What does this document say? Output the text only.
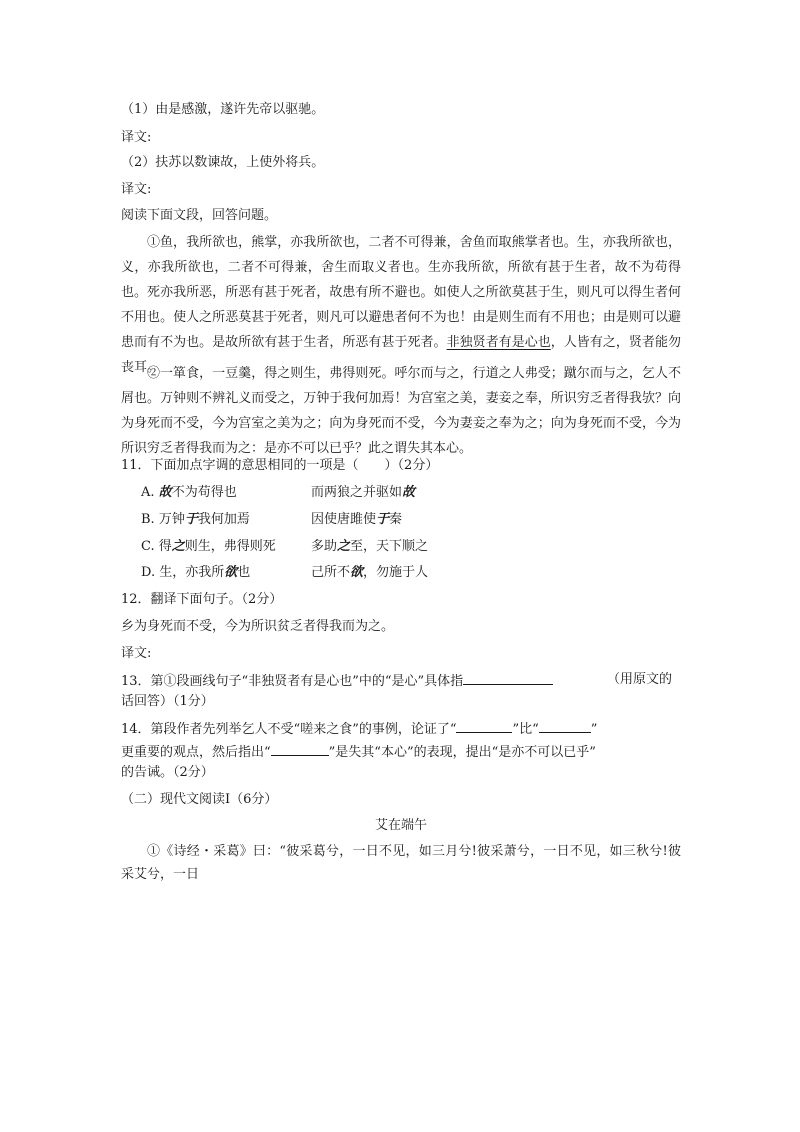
（1）由是感激，遂许先帝以驱驰。
译文:
（2）扶苏以数谏故，上使外将兵。
译文:
阅读下面文段，回答问题。
①鱼，我所欲也，熊掌，亦我所欲也，二者不可得兼，舍鱼而取熊掌者也。生，亦我所欲也，义，亦我所欲也，二者不可得兼，舍生而取义者也。生亦我所欲，所欲有甚于生者，故不为苟得也。死亦我所恶，所恶有甚于死者，故患有所不避也。如使人之所欲莫甚于生，则凡可以得生者何不用也。使人之所恶莫甚于死者，则凡可以避患者何不为也！由是则生而有不用也；由是则可以避患而有不为也。是故所欲有甚于生者，所恶有甚于死者。非独贤者有是心也，人皆有之，贤者能勿丧耳。
②一箪食，一豆羹，得之则生，弗得则死。呼尔而与之，行道之人弗受；蹴尔而与之，乞人不屑也。万钟则不辨礼义而受之，万钟于我何加焉！为宫室之美，妻妾之奉，所识穷乏者得我欤？向为身死而不受，今为宫室之美为之；向为身死而不受，今为妻妾之奉为之；向为身死而不受，今为所识穷乏者得我而为之：是亦不可以已乎？此之谓失其本心。
11．下面加点字调的意思相同的一项是（　　）（2分）
A. 故不为苟得也	而两狼之并驱如故
B. 万钟于我何加焉	因使唐雎使于秦
C. 得之则生，弗得则死	多助之至，天下顺之
D. 生，亦我所欲也	己所不欲，勿施于人
12．翻译下面句子。（2分）
乡为身死而不受，今为所识贫乏者得我而为之。
译文:
13．第①段画线句子“非独贤者有是心也”中的“是心”具体指	（用原文的
话回答）（1分）
14．第段作者先列举乞人不受“嗟来之食”的事例，论证了“	”比“	”
更重要的观点，然后指出“	”是失其“本心”的表现，提出“是亦不可以已乎”
的告诫。（2分）
（二）现代文阅读Ⅰ（6分）
艾在端午
①《诗经・采葛》曰：“彼采葛兮，一日不见，如三月兮!彼采萧兮，一日不见，如三秋兮!彼采艾兮，一日
